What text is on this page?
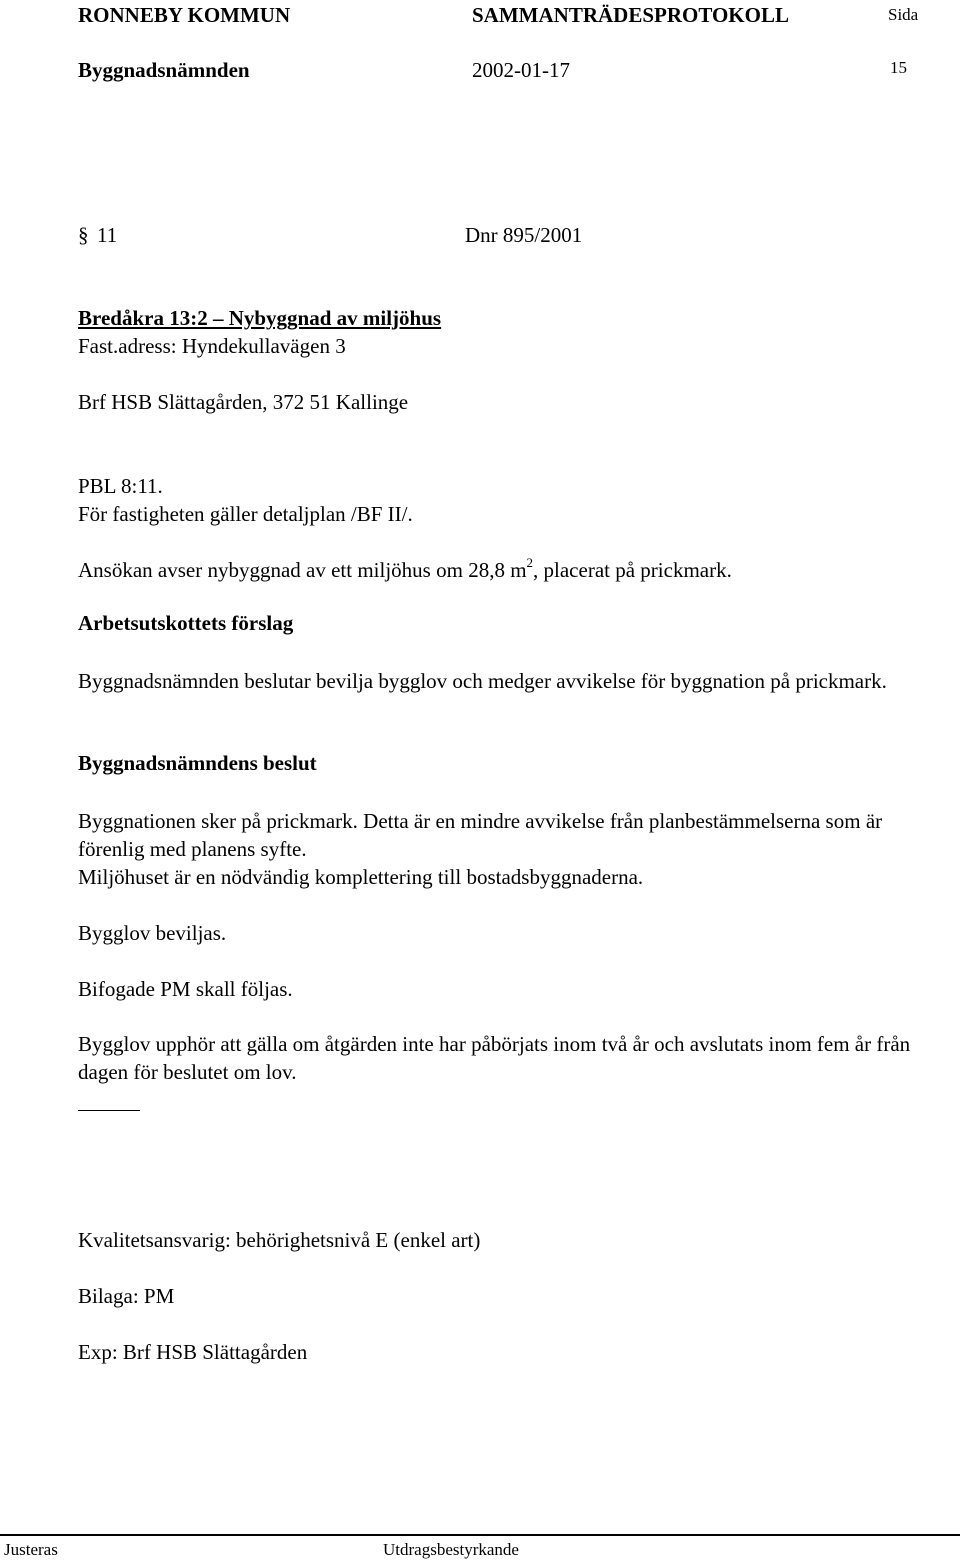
RONNEBY KOMMUN	SAMMANTRÄDESPROTOKOLL	Sida
Byggnadsnämnden	2002-01-17	15
§ 11	Dnr 895/2001
Bredåkra 13:2 – Nybyggnad av miljöhus
Fast.adress: Hyndekullavägen 3
Brf HSB Slättagården, 372 51 Kallinge
PBL 8:11.
För fastigheten gäller detaljplan /BF II/.
Ansökan avser nybyggnad av ett miljöhus om 28,8 $m^2$, placerat på prickmark.
Arbetsutskottets förslag
Byggnadsnämnden beslutar bevilja bygglov och medger avvikelse för byggnation på prickmark.
Byggnadsnämndens beslut
Byggnationen sker på prickmark. Detta är en mindre avvikelse från planbestämmelserna som är förenlig med planens syfte.
Miljöhuset är en nödvändig komplettering till bostadsbyggnaderna.
Bygglov beviljas.
Bifogade PM skall följas.
Bygglov upphör att gälla om åtgärden inte har påbörjats inom två år och avslutats inom fem år från dagen för beslutet om lov.
Kvalitetsansvarig: behörighetsnivå E (enkel art)
Bilaga: PM
Exp: Brf HSB Slättagården
Justeras	Utdragsbestyrkande
